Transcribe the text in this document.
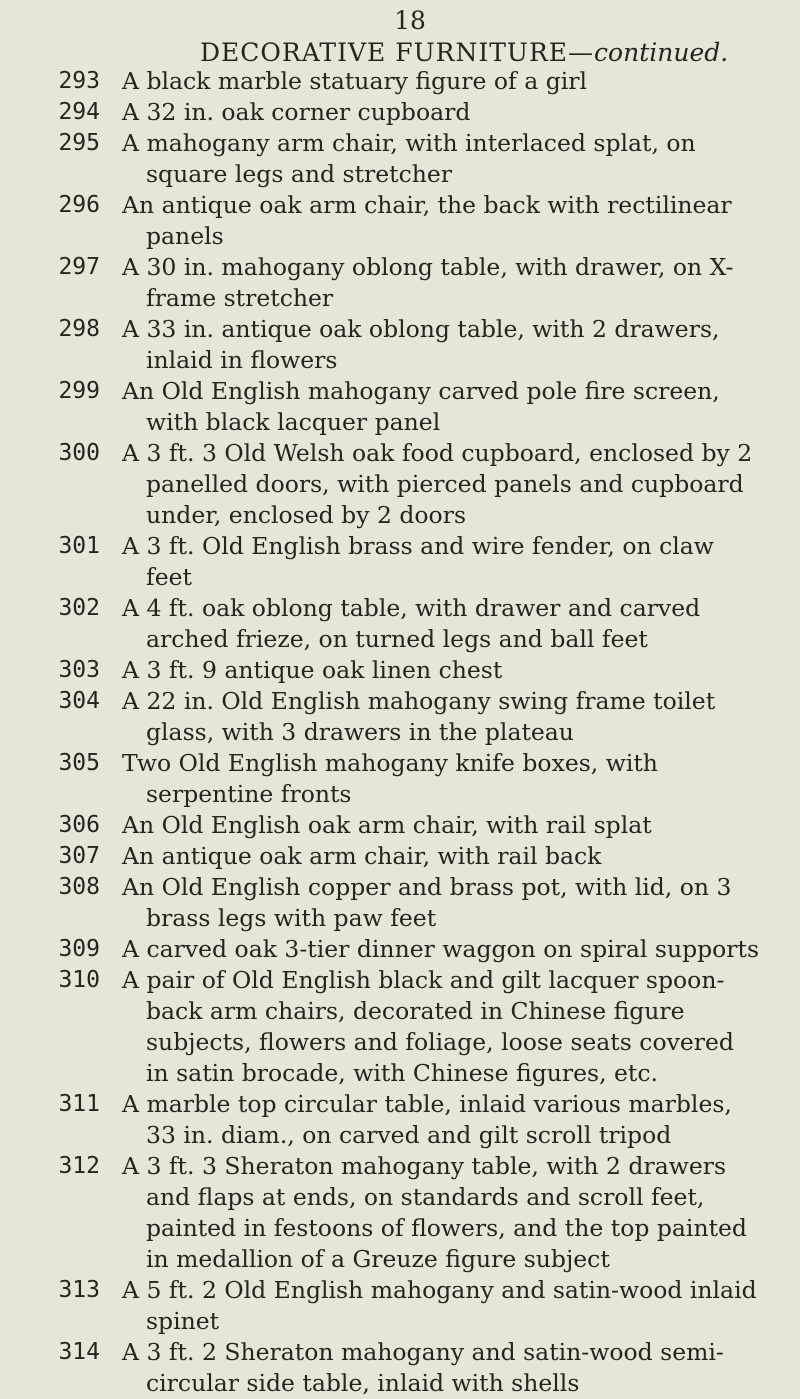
18
DECORATIVE FURNITURE—continued.
293 A black marble statuary figure of a girl
294 A 32 in. oak corner cupboard
295 A mahogany arm chair, with interlaced splat, on square legs and stretcher
296 An antique oak arm chair, the back with rectilinear panels
297 A 30 in. mahogany oblong table, with drawer, on X-frame stretcher
298 A 33 in. antique oak oblong table, with 2 drawers, inlaid in flowers
299 An Old English mahogany carved pole fire screen, with black lacquer panel
300 A 3 ft. 3 Old Welsh oak food cupboard, enclosed by 2 panelled doors, with pierced panels and cupboard under, enclosed by 2 doors
301 A 3 ft. Old English brass and wire fender, on claw feet
302 A 4 ft. oak oblong table, with drawer and carved arched frieze, on turned legs and ball feet
303 A 3 ft. 9 antique oak linen chest
304 A 22 in. Old English mahogany swing frame toilet glass, with 3 drawers in the plateau
305 Two Old English mahogany knife boxes, with serpentine fronts
306 An Old English oak arm chair, with rail splat
307 An antique oak arm chair, with rail back
308 An Old English copper and brass pot, with lid, on 3 brass legs with paw feet
309 A carved oak 3-tier dinner waggon on spiral supports
310 A pair of Old English black and gilt lacquer spoon-back arm chairs, decorated in Chinese figure subjects, flowers and foliage, loose seats covered in satin brocade, with Chinese figures, etc.
311 A marble top circular table, inlaid various marbles, 33 in. diam., on carved and gilt scroll tripod
312 A 3 ft. 3 Sheraton mahogany table, with 2 drawers and flaps at ends, on standards and scroll feet, painted in festoons of flowers, and the top painted in medallion of a Greuze figure subject
313 A 5 ft. 2 Old English mahogany and satin-wood inlaid spinet
314 A 3 ft. 2 Sheraton mahogany and satin-wood semi-circular side table, inlaid with shells
